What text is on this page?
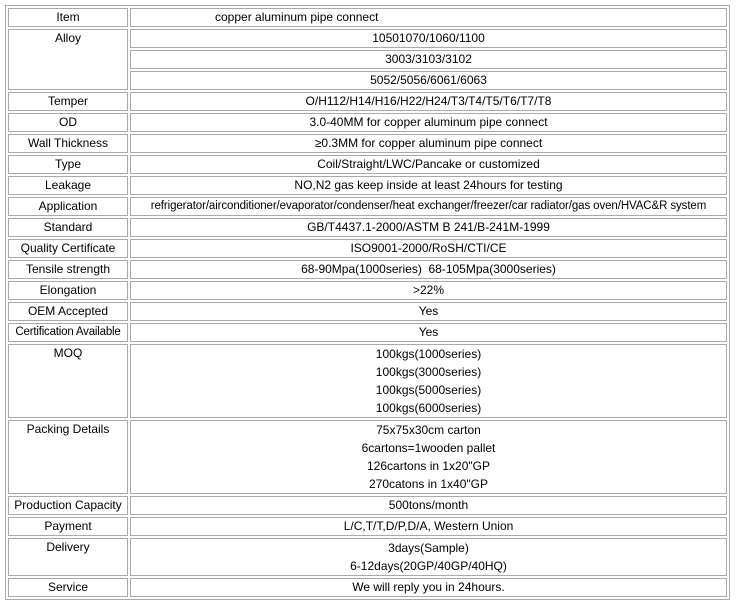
Item	copper aluminum pipe connect
Alloy	10501070/1060/1100
	3003/3103/3102
	5052/5056/6061/6063
Temper	O/H112/H14/H16/H22/H24/T3/T4/T5/T6/T7/T8
OD	3.0-40MM for copper aluminum pipe connect
Wall Thickness	≥0.3MM for copper aluminum pipe connect
Type	Coil/Straight/LWC/Pancake or customized
Leakage	NO,N2 gas keep inside at least 24hours for testing
Application	refrigerator/airconditioner/evaporator/condenser/heat exchanger/freezer/car radiator/gas oven/HVAC&R system
Standard	GB/T4437.1-2000/ASTM B 241/B-241M-1999
Quality Certificate	ISO9001-2000/RoSH/CTI/CE
Tensile strength	68-90Mpa(1000series)  68-105Mpa(3000series)
Elongation	>22%
OEM Accepted	Yes
Certification Available	Yes
MOQ	100kgs(1000series)
100kgs(3000series)
100kgs(5000series)
100kgs(6000series)

Packing Details	75x75x30cm carton
6cartons=1wooden pallet
126cartons in 1x20"GP
270catons in 1x40"GP

Production Capacity	500tons/month
Payment	L/C,T/T,D/P,D/A, Western Union
Delivery	3days(Sample)
6-12days(20GP/40GP/40HQ)

Service	We will reply you in 24hours.
